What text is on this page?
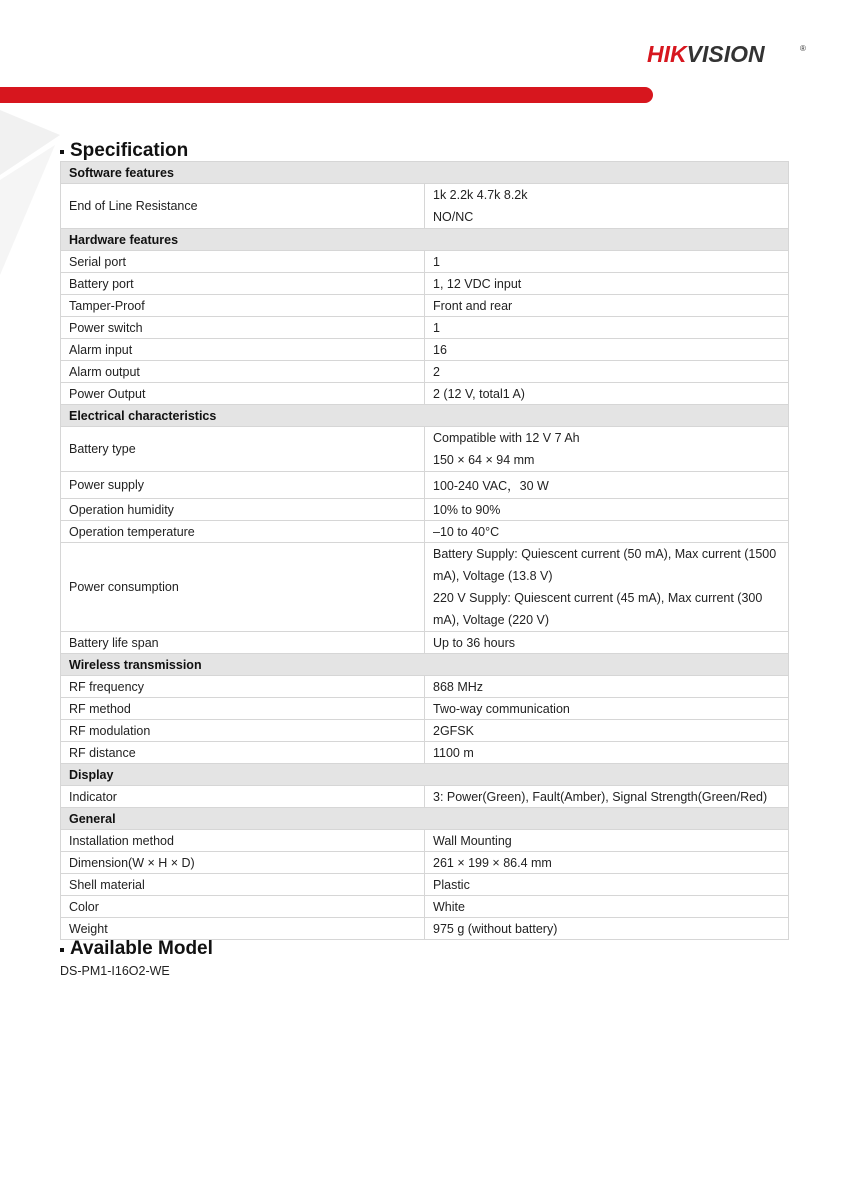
HIKVISION	®
Specification
Software features	
End of Line Resistance	1k 2.2k 4.7k 8.2k
NO/NC

Hardware features	
Serial port	1

Battery port	1, 12 VDC input

Tamper-Proof	Front and rear

Power switch	1

Alarm input	16

Alarm output	2

Power Output	2 (12 V, total1 A)

Electrical characteristics	
Battery type	Compatible with 12 V 7 Ah
150 × 64 × 94 mm

Power supply	100-240 VAC，30 W

Operation humidity	10% to 90%

Operation temperature	–10 to 40°C

Power consumption	Battery Supply: Quiescent current (50 mA), Max current (1500 mA), Voltage (13.8 V)
220 V Supply: Quiescent current (45 mA), Max current (300 mA), Voltage (220 V)

Battery life span	Up to 36 hours

Wireless transmission	
RF frequency	868 MHz

RF method	Two-way communication

RF modulation	2GFSK

RF distance	1100 m

Display	
Indicator	3: Power(Green), Fault(Amber), Signal Strength(Green/Red)

General	
Installation method	Wall Mounting

Dimension(W × H × D)	261 × 199 × 86.4 mm

Shell material	Plastic

Color	White

Weight	975 g (without battery)
Available Model
DS-PM1-I16O2-WE
